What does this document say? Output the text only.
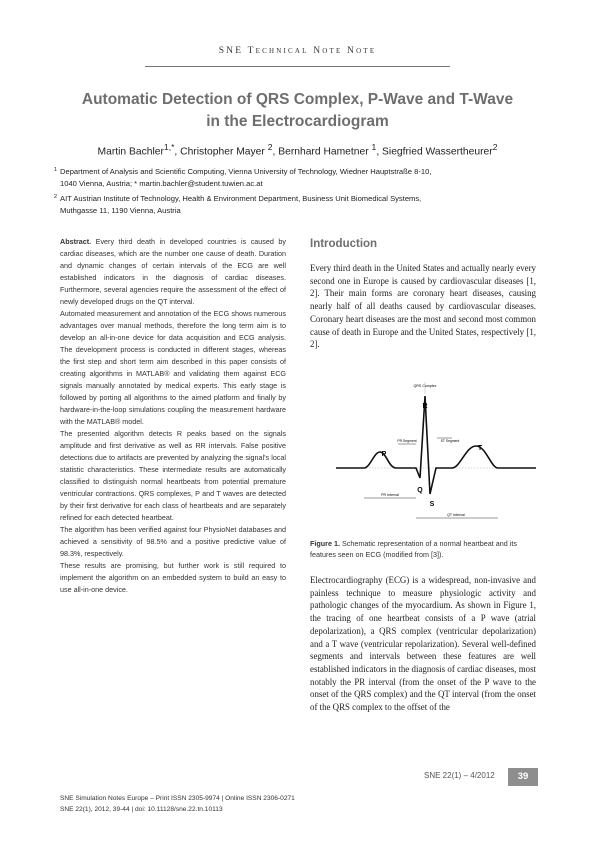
SNE Technical Note Note
Automatic Detection of QRS Complex, P-Wave and T-Wave
in the Electrocardiogram
Martin Bachler$^{1,*}$, Christopher Mayer $^2$, Bernhard Hametner $^1$, Siegfried Wassertheurer$^2$
1 Department of Analysis and Scientific Computing, Vienna University of Technology, Wiedner Hauptstraße 8-10,
1040 Vienna, Austria; * martin.bachler@student.tuwien.ac.at
2 AIT Austrian Institute of Technology, Health & Environment Department, Business Unit Biomedical Systems,
Muthgasse 11, 1190 Vienna, Austria

Abstract. Every third death in developed countries is caused by cardiac diseases, which are the number one cause of death. Duration and dynamic changes of certain intervals of the ECG are well established indicators in the diagnosis of cardiac diseases. Furthermore, several agencies require the assessment of the effect of newly developed drugs on the QT interval.

Automated measurement and annotation of the ECG shows numerous advantages over manual methods, therefore the long term aim is to develop an all-in-one device for data acquisition and ECG analysis. The development process is conducted in different stages, whereas the first step and short term aim described in this paper consists of creating algorithms in MATLAB® and validating them against ECG signals manually annotated by medical experts. This early stage is followed by porting all algorithms to the aimed platform and finally by hardware-in-the-loop simulations coupling the measurement hardware with the MATLAB® model.

The presented algorithm detects R peaks based on the signals amplitude and first derivative as well as RR intervals. False positive detections due to artifacts are prevented by analyzing the signal's local statistic characteristics. These intermediate results are automatically classified to distinguish normal heartbeats from potential premature ventricular contractions. QRS complexes, P and T waves are detected by their first derivative for each class of heartbeats and are separately refined for each detected heartbeat.

The algorithm has been verified against four PhysioNet databases and achieved a sensitivity of 98.5% and a positive predictive value of 98.3%, respectively.

These results are promising, but further work is still required to implement the algorithm on an embedded system to build an easy to use all-in-one device.

Introduction
Every third death in the United States and actually nearly every second one in Europe is caused by cardiovascular diseases [1, 2]. Their main forms are coronary heart diseases, causing nearly half of all deaths caused by cardiovascular diseases. Coronary heart diseases are the most and second most common cause of death in Europe and the United States, respectively [1, 2].
QRS Complex
R
P
Q
S
T
PR Segment	ST Segment
PR Interval
QT Interval
Figure 1. Schematic representation of a normal heartbeat and its features seen on ECG (modified from [3]).
Electrocardiography (ECG) is a widespread, non-invasive and painless technique to measure physiologic activity and pathologic changes of the myocardium. As shown in Figure 1, the tracing of one heartbeat consists of a P wave (atrial depolarization), a QRS complex (ventricular depolarization) and a T wave (ventricular repolarization). Several well-defined segments and intervals between these features are well established indicators in the diagnosis of cardiac diseases, most notably the PR interval (from the onset of the P wave to the onset of the QRS complex) and the QT interval (from the onset of the QRS complex to the offset of the
SNE Simulation Notes Europe – Print ISSN 2305-9974 | Online ISSN 2306-0271
SNE 22(1), 2012, 39-44 | doi: 10.11128/sne.22.tn.10113
SNE 22(1) – 4/2012	39
